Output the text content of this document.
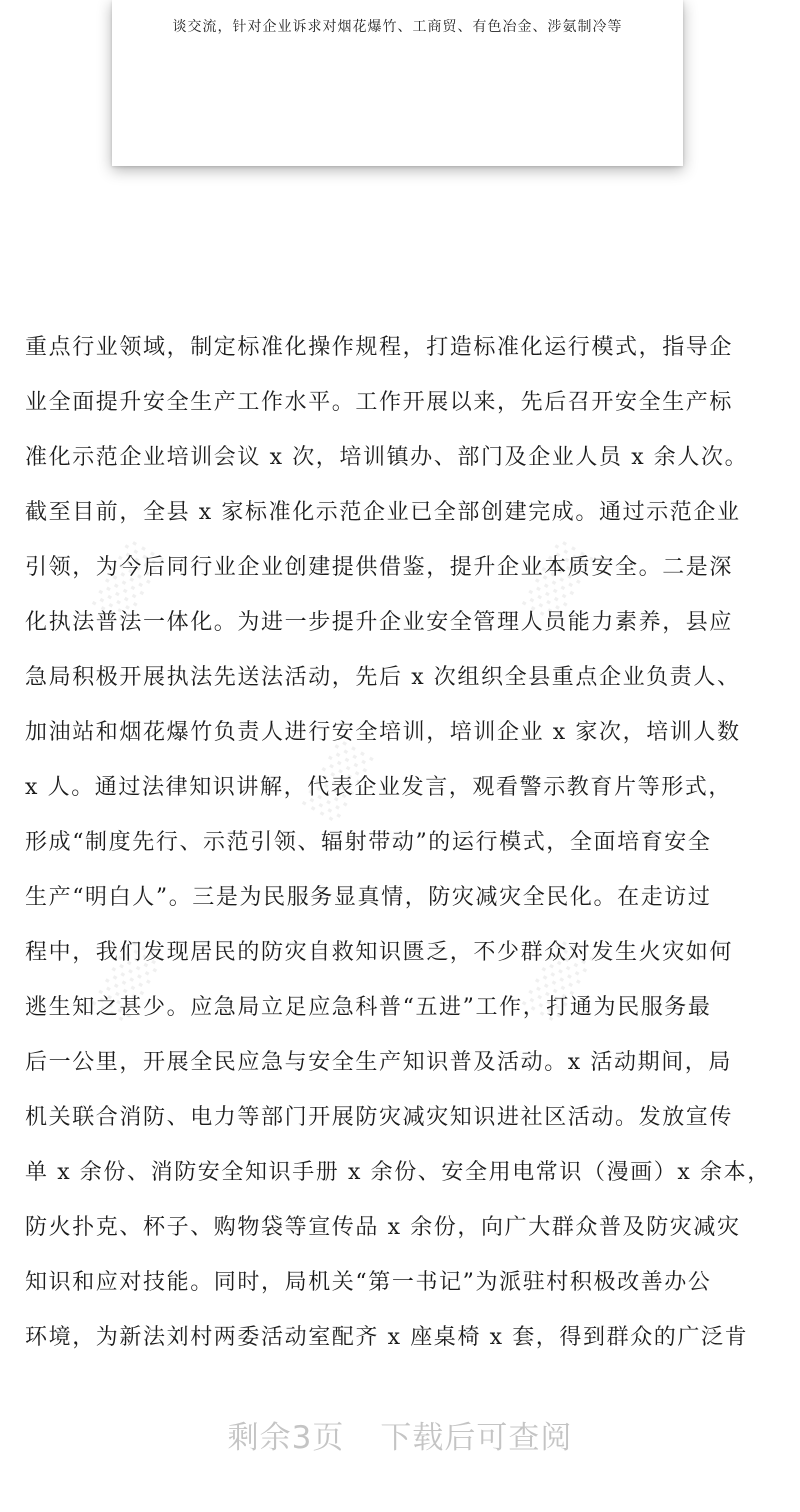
谈交流，针对企业诉求对烟花爆竹、工商贸、有色冶金、涉氨制冷等
░░░	░░░
░░░
░░░	░░░
重点行业领域，制定标准化操作规程，打造标准化运行模式，指导企
业全面提升安全生产工作水平。工作开展以来，先后召开安全生产标
准化示范企业培训会议 x 次，培训镇办、部门及企业人员 x 余人次。
截至目前，全县 x 家标准化示范企业已全部创建完成。通过示范企业
引领，为今后同行业企业创建提供借鉴，提升企业本质安全。二是深
化执法普法一体化。为进一步提升企业安全管理人员能力素养，县应
急局积极开展执法先送法活动，先后 x 次组织全县重点企业负责人、
加油站和烟花爆竹负责人进行安全培训，培训企业 x 家次，培训人数
x 人。通过法律知识讲解，代表企业发言，观看警示教育片等形式，
形成“制度先行、示范引领、辐射带动”的运行模式，全面培育安全
生产“明白人”。三是为民服务显真情，防灾减灾全民化。在走访过
程中，我们发现居民的防灾自救知识匮乏，不少群众对发生火灾如何
逃生知之甚少。应急局立足应急科普“五进”工作，打通为民服务最
后一公里，开展全民应急与安全生产知识普及活动。x 活动期间，局
机关联合消防、电力等部门开展防灾减灾知识进社区活动。发放宣传
单 x 余份、消防安全知识手册 x 余份、安全用电常识（漫画）x 余本，
防火扑克、杯子、购物袋等宣传品 x 余份，向广大群众普及防灾减灾
知识和应对技能。同时，局机关“第一书记”为派驻村积极改善办公
环境，为新法刘村两委活动室配齐 x 座桌椅 x 套，得到群众的广泛肯
剩余3页 下载后可查阅
